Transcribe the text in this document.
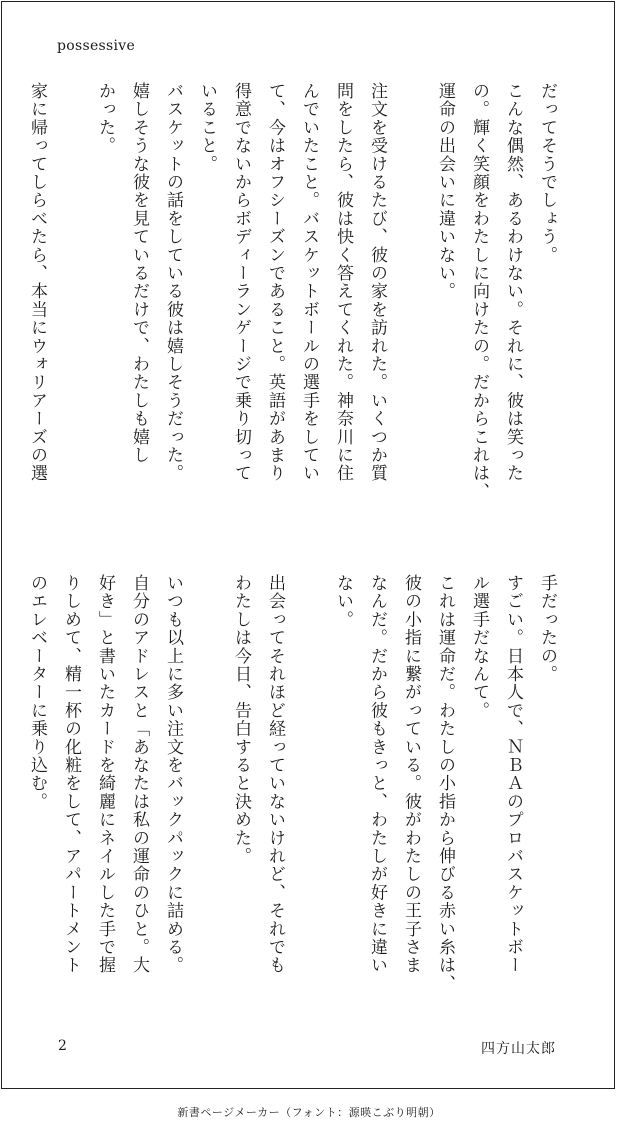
possessive
だってそうでしょう。
こんな偶然、あるわけない。それに、彼は笑った
の。輝く笑顔をわたしに向けたの。だからこれは、
運命の出会いに違いない。

注文を受けるたび、彼の家を訪れた。いくつか質
問をしたら、彼は快く答えてくれた。神奈川に住
んでいたこと。バスケットボールの選手をしてい
て、今はオフシーズンであること。英語があまり
得意でないからボディーランゲージで乗り切って
いること。
バスケットの話をしている彼は嬉しそうだった。
嬉しそうな彼を見ているだけで、わたしも嬉し
かった。

家に帰ってしらべたら、本当にウォリアーズの選
手だったの。
すごい。日本人で、ＮＢＡのプロバスケットボー
ル選手だなんて。
これは運命だ。わたしの小指から伸びる赤い糸は、
彼の小指に繋がっている。彼がわたしの王子さま
なんだ。だから彼もきっと、わたしが好きに違い
ない。

出会ってそれほど経っていないけれど、それでも
わたしは今日、告白すると決めた。

いつも以上に多い注文をバックパックに詰める。
自分のアドレスと「あなたは私の運命のひと。大
好き」と書いたカードを綺麗にネイルした手で握
りしめて、精一杯の化粧をして、アパートメント
のエレベーターに乗り込む。
2	四方山太郎
新書ページメーカー（フォント：源暎こぶり明朝）
